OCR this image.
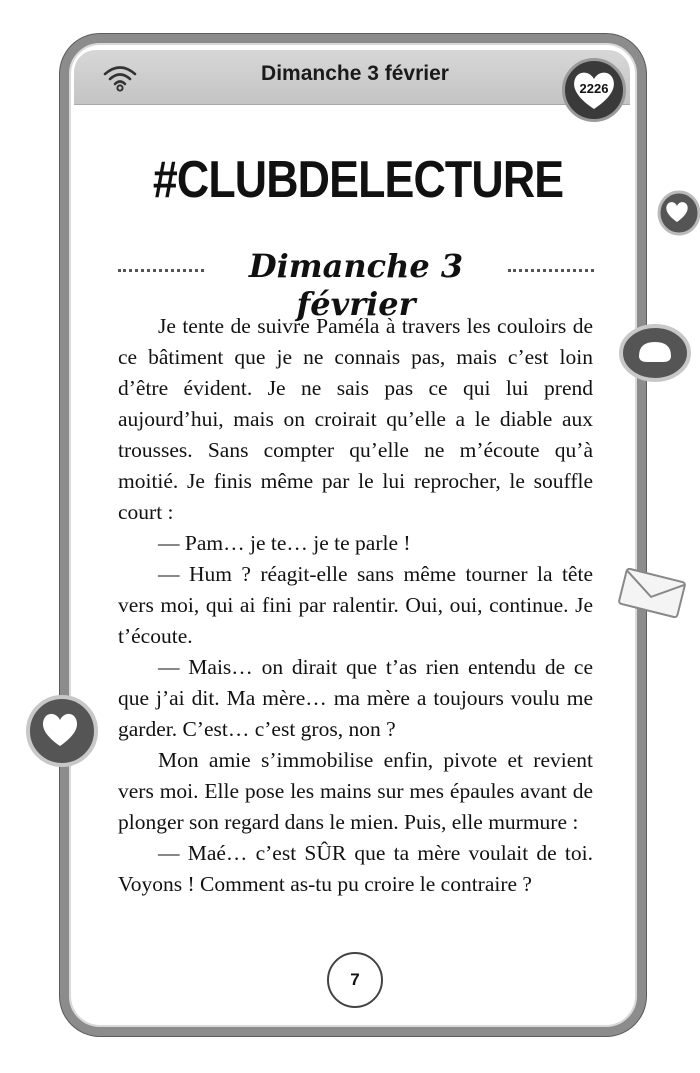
Dimanche 3 février
2226
#CLUBDELECTURE
Dimanche 3 février

Je tente de suivre Paméla à travers les couloirs de ce bâtiment que je ne connais pas, mais c’est loin d’être évident. Je ne sais pas ce qui lui prend aujourd’hui, mais on croirait qu’elle a le diable aux trousses. Sans compter qu’elle ne m’écoute qu’à moitié. Je finis même par le lui reprocher, le souffle court :

— Pam… je te… je te parle !

— Hum ? réagit-elle sans même tourner la tête vers moi, qui ai fini par ralentir. Oui, oui, continue. Je t’écoute.

— Mais… on dirait que t’as rien entendu de ce que j’ai dit. Ma mère… ma mère a toujours voulu me garder. C’est… c’est gros, non ?

Mon amie s’immobilise enfin, pivote et revient vers moi. Elle pose les mains sur mes épaules avant de plonger son regard dans le mien. Puis, elle murmure :

— Maé… c’est SÛR que ta mère voulait de toi. Voyons ! Comment as-tu pu croire le contraire ?

7
